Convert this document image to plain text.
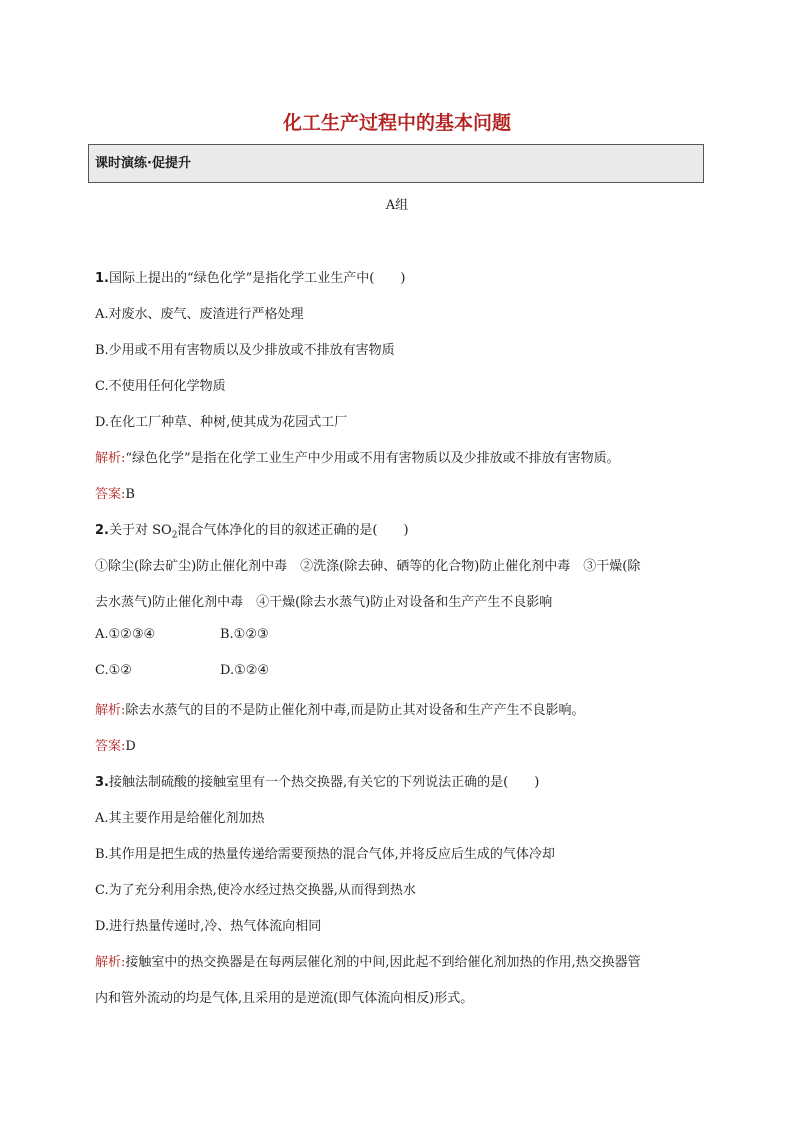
化工生产过程中的基本问题
课时演练·促提升
A组
1.国际上提出的“绿色化学”是指化学工业生产中(　　)
A.对废水、废气、废渣进行严格处理
B.少用或不用有害物质以及少排放或不排放有害物质
C.不使用任何化学物质
D.在化工厂种草、种树,使其成为花园式工厂
解析:“绿色化学”是指在化学工业生产中少用或不用有害物质以及少排放或不排放有害物质。
答案:B
2.关于对 $SO_2$混合气体净化的目的叙述正确的是(　　)
①除尘(除去矿尘)防止催化剂中毒　②洗涤(除去砷、硒等的化合物)防止催化剂中毒　③干燥(除
去水蒸气)防止催化剂中毒　④干燥(除去水蒸气)防止对设备和生产产生不良影响
A.①②③④	B.①②③
C.①②	D.①②④
解析:除去水蒸气的目的不是防止催化剂中毒,而是防止其对设备和生产产生不良影响。
答案:D
3.接触法制硫酸的接触室里有一个热交换器,有关它的下列说法正确的是(　　)
A.其主要作用是给催化剂加热
B.其作用是把生成的热量传递给需要预热的混合气体,并将反应后生成的气体冷却
C.为了充分利用余热,使冷水经过热交换器,从而得到热水
D.进行热量传递时,冷、热气体流向相同
解析:接触室中的热交换器是在每两层催化剂的中间,因此起不到给催化剂加热的作用,热交换器管
内和管外流动的均是气体,且采用的是逆流(即气体流向相反)形式。
